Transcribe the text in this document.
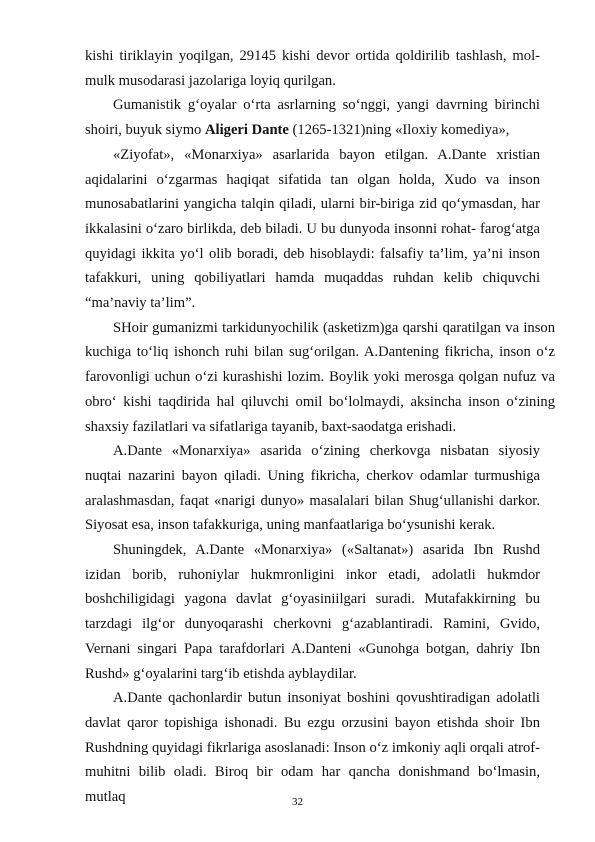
kishi tiriklayin yoqilgan, 29145 kishi devor ortida qoldirilib tashlash, mol-mulk musodarasi jazolariga loyiq qurilgan.

Gumanistik g‘oyalar o‘rta asrlarning so‘nggi, yangi davrning birinchi shoiri, buyuk siymo Aligeri Dante (1265-1321)ning «Iloxiy komediya»,

«Ziyofat», «Monarxiya» asarlarida bayon etilgan. A.Dante xristian aqidalarini o‘zgarmas haqiqat sifatida tan olgan holda, Xudo va inson munosabatlarini yangicha talqin qiladi, ularni bir-biriga zid qo‘ymasdan, har ikkalasini o‘zaro birlikda, deb biladi. U bu dunyoda insonni rohat- farog‘atga quyidagi ikkita yo‘l olib boradi, deb hisoblaydi: falsafiy ta’lim, ya’ni inson tafakkuri, uning qobiliyatlari hamda muqaddas ruhdan kelib chiquvchi “ma’naviy ta’lim”.

SHoir gumanizmi tarkidunyochilik (asketizm)ga qarshi qaratilgan va inson kuchiga to‘liq ishonch ruhi bilan sug‘orilgan. A.Dantening fikricha, inson o‘z farovonligi uchun o‘zi kurashishi lozim. Boylik yoki merosga qolgan nufuz va obro‘ kishi taqdirida hal qiluvchi omil bo‘lolmaydi, aksincha inson o‘zining shaxsiy fazilatlari va sifatlariga tayanib, baxt-saodatga erishadi.

A.Dante «Monarxiya» asarida o‘zining cherkovga nisbatan siyosiy nuqtai nazarini bayon qiladi. Uning fikricha, cherkov odamlar turmushiga aralashmasdan, faqat «narigi dunyo» masalalari bilan Shug‘ullanishi darkor. Siyosat esa, inson tafakkuriga, uning manfaatlariga bo‘ysunishi kerak.

Shuningdek, A.Dante «Monarxiya» («Saltanat») asarida Ibn Rushd izidan borib, ruhoniylar hukmronligini inkor etadi, adolatli hukmdor boshchiligidagi yagona davlat g‘oyasiniilgari suradi. Mutafakkirning bu tarzdagi ilg‘or dunyoqarashi cherkovni g‘azablantiradi. Ramini, Gvido, Vernani singari Papa tarafdorlari A.Danteni «Gunohga botgan, dahriy Ibn Rushd» g‘oyalarini targ‘ib etishda ayblaydilar.

A.Dante qachonlardir butun insoniyat boshini qovushtiradigan adolatli davlat qaror topishiga ishonadi. Bu ezgu orzusini bayon etishda shoir Ibn Rushdning quyidagi fikrlariga asoslanadi: Inson o‘z imkoniy aqli orqali atrof-muhitni bilib oladi. Biroq bir odam har qancha donishmand bo‘lmasin, mutlaq	32
